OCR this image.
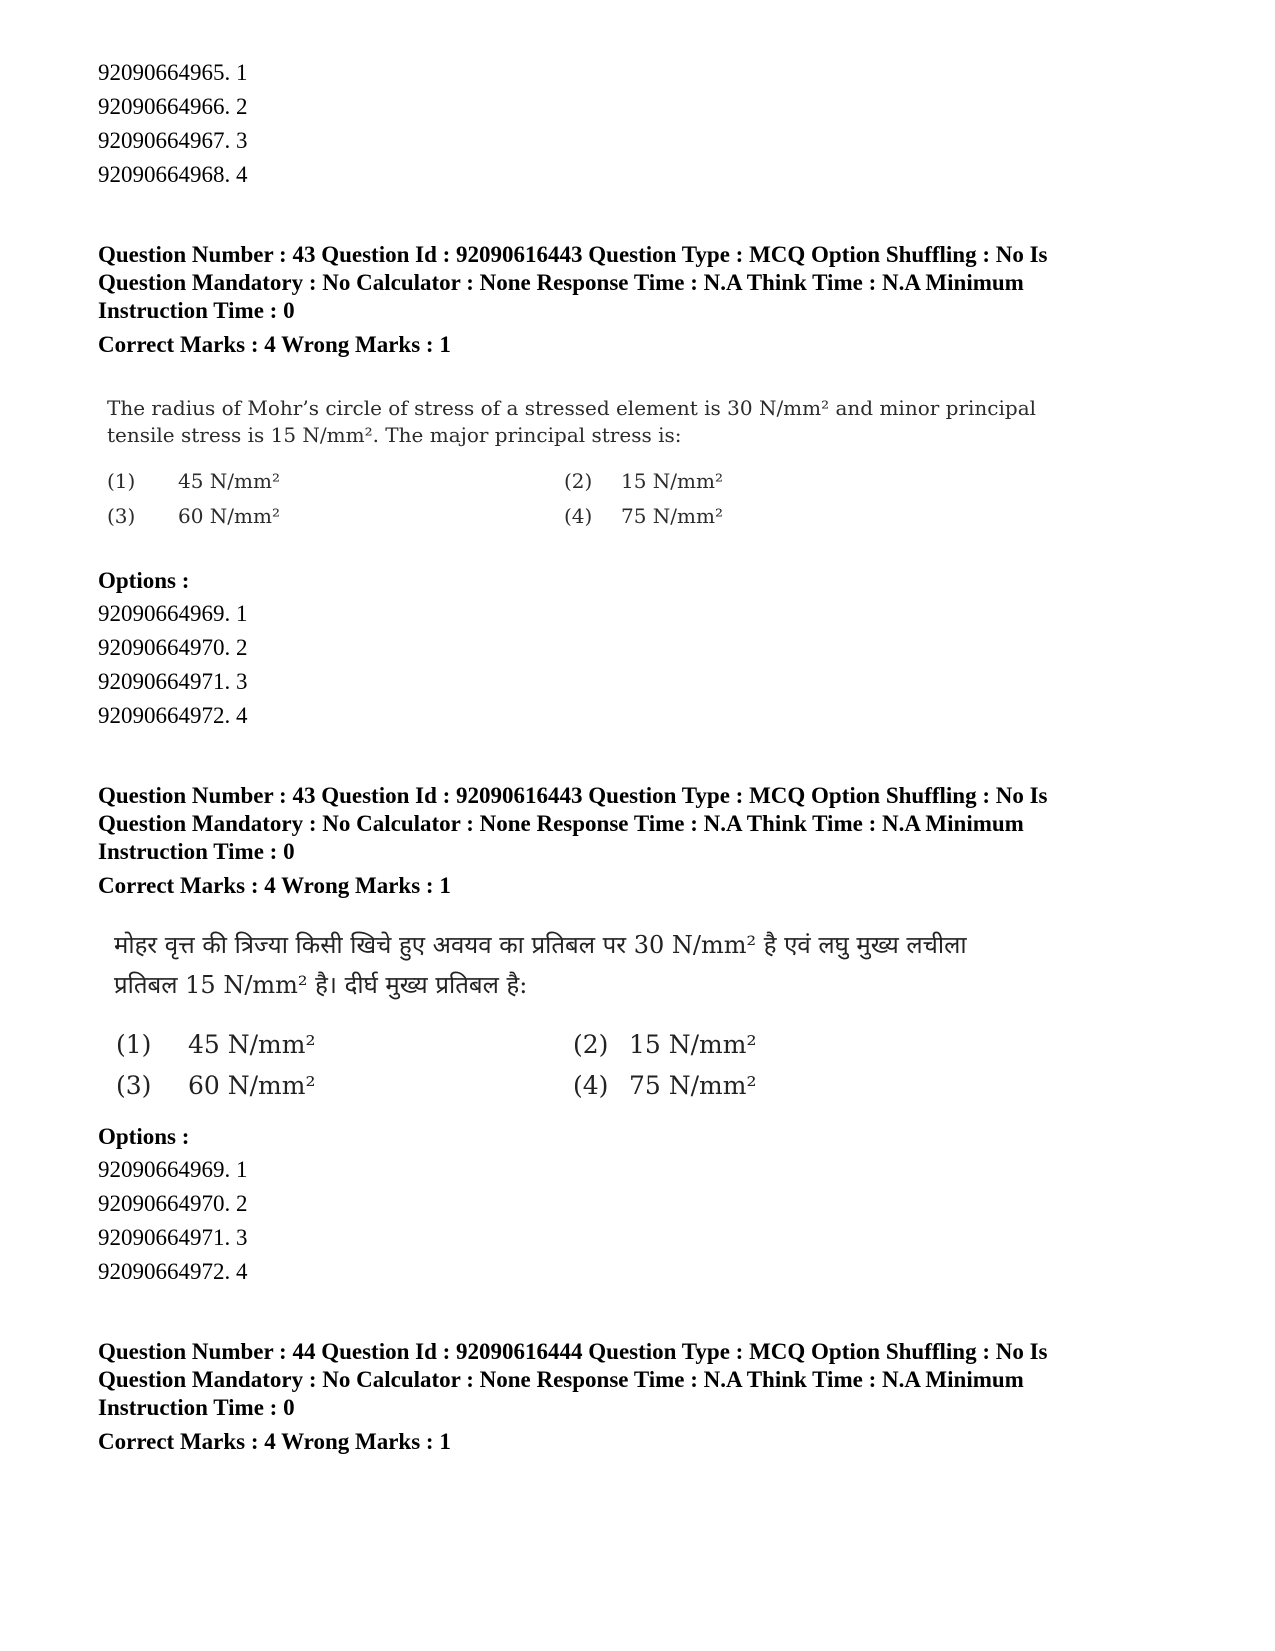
92090664965. 1
92090664966. 2
92090664967. 3
92090664968. 4
Question Number : 43 Question Id : 92090616443 Question Type : MCQ Option Shuffling : No Is
Question Mandatory : No Calculator : None Response Time : N.A Think Time : N.A Minimum
Instruction Time : 0
Correct Marks : 4 Wrong Marks : 1
The radius of Mohr’s circle of stress of a stressed element is 30 N/mm² and minor principal
tensile stress is 15 N/mm². The major principal stress is:
(1) 45 N/mm²	(2) 15 N/mm²
(3) 60 N/mm²	(4) 75 N/mm²
Options :
92090664969. 1
92090664970. 2
92090664971. 3
92090664972. 4
Question Number : 43 Question Id : 92090616443 Question Type : MCQ Option Shuffling : No Is
Question Mandatory : No Calculator : None Response Time : N.A Think Time : N.A Minimum
Instruction Time : 0
Correct Marks : 4 Wrong Marks : 1
मोहर वृत्त की त्रिज्या किसी खिचे हुए अवयव का प्रतिबल पर 30 N/mm² है एवं लघु मुख्य लचीला
प्रतिबल 15 N/mm² है। दीर्घ मुख्य प्रतिबल है:
(1) 45 N/mm²	(2) 15 N/mm²
(3) 60 N/mm²	(4) 75 N/mm²
Options :
92090664969. 1
92090664970. 2
92090664971. 3
92090664972. 4
Question Number : 44 Question Id : 92090616444 Question Type : MCQ Option Shuffling : No Is
Question Mandatory : No Calculator : None Response Time : N.A Think Time : N.A Minimum
Instruction Time : 0
Correct Marks : 4 Wrong Marks : 1
